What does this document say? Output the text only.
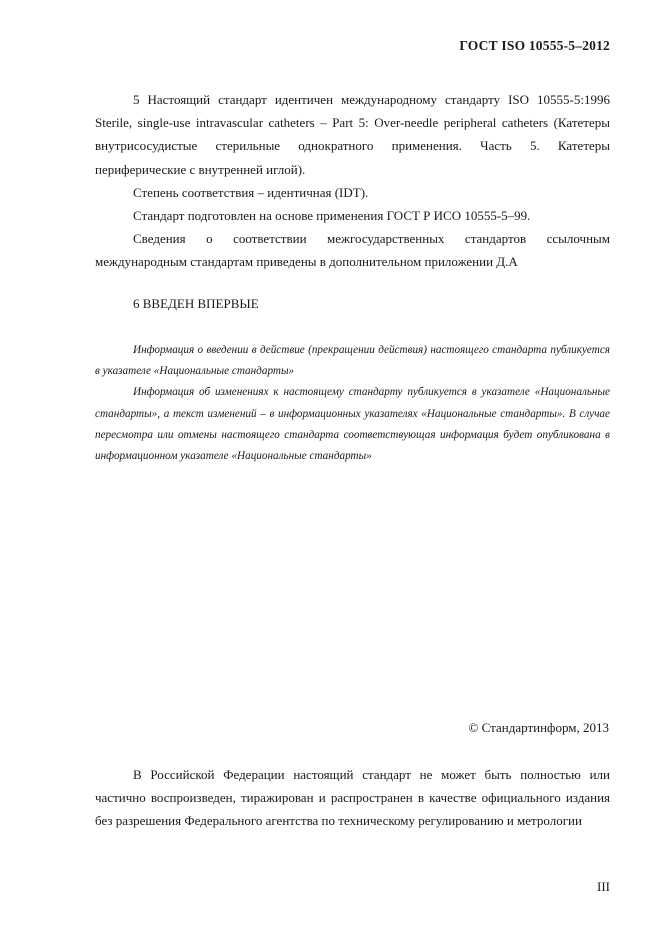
ГОСТ ISO 10555-5–2012

5 Настоящий стандарт идентичен международному стандарту ISO 10555-5:1996 Sterile, single-use intravascular catheters – Part 5: Over-needle peripheral catheters (Катетеры внутрисосудистые стерильные однократного применения. Часть 5. Катетеры периферические с внутренней иглой).

Степень соответствия – идентичная (IDT).

Стандарт подготовлен на основе применения ГОСТ Р ИСО 10555-5–99.

Сведения о соответствии межгосударственных стандартов ссылочным международным стандартам приведены в дополнительном приложении Д.А

6 ВВЕДЕН ВПЕРВЫЕ

Информация о введении в действие (прекращении действия) настоящего стандарта публикуется в указателе «Национальные стандарты»

Информация об изменениях к настоящему стандарту публикуется в указателе «Национальные стандарты», а текст изменений – в информационных указателях «Национальные стандарты». В случае пересмотра или отмены настоящего стандарта соответствующая информация будет опубликована в информационном указателе «Национальные стандарты»

© Стандартинформ, 2013

В Российской Федерации настоящий стандарт не может быть полностью или частично воспроизведен, тиражирован и распространен в качестве официального издания без разрешения Федерального агентства по техническому регулированию и метрологии

III
